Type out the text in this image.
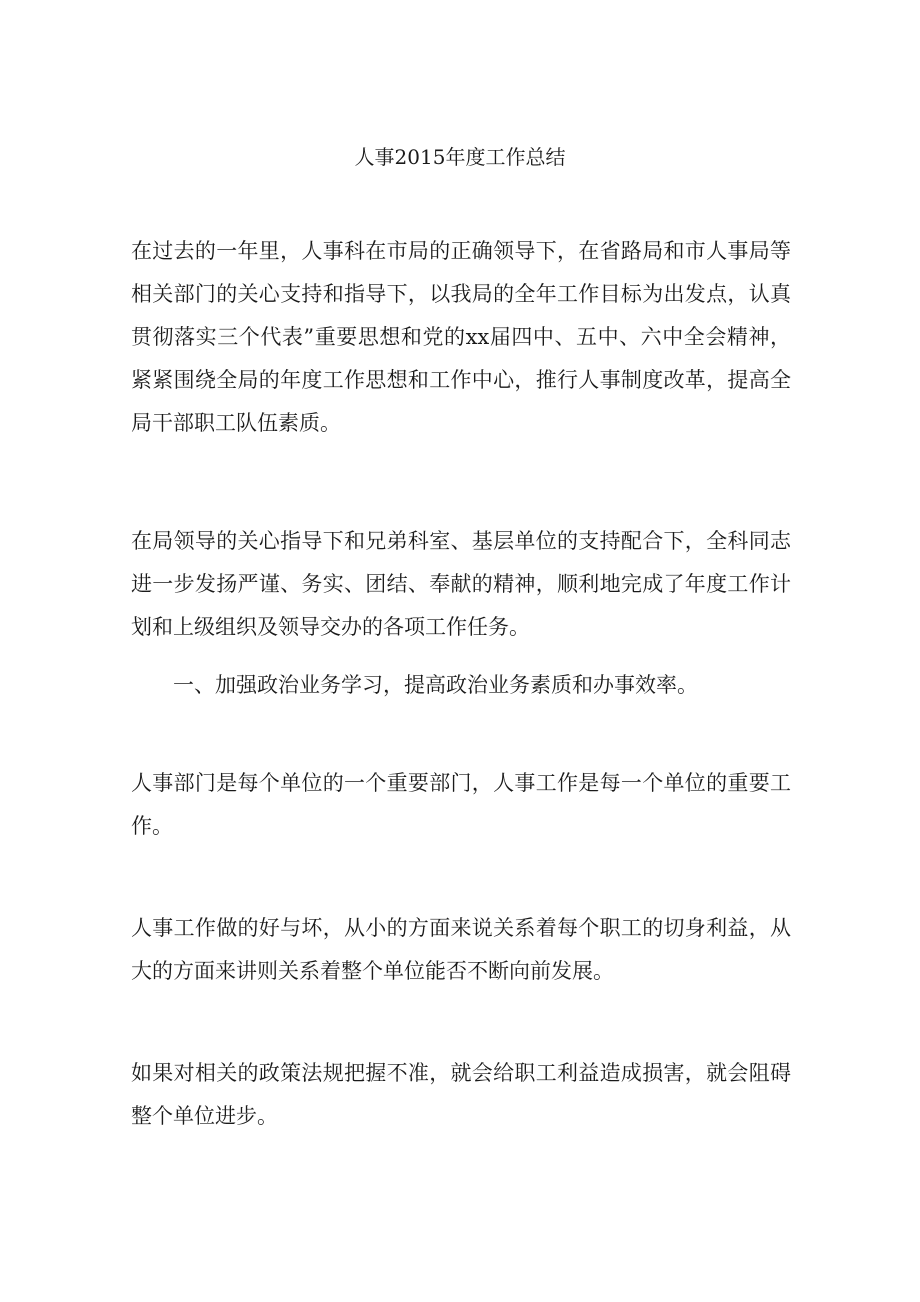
人事2015年度工作总结

在过去的一年里，人事科在市局的正确领导下，在省路局和市人事局等相关部门的关心支持和指导下，以我局的全年工作目标为出发点，认真贯彻落实三个代表”重要思想和党的xx届四中、五中、六中全会精神，紧紧围绕全局的年度工作思想和工作中心，推行人事制度改革，提高全局干部职工队伍素质。

在局领导的关心指导下和兄弟科室、基层单位的支持配合下，全科同志进一步发扬严谨、务实、团结、奉献的精神，顺利地完成了年度工作计划和上级组织及领导交办的各项工作任务。

一、加强政治业务学习，提高政治业务素质和办事效率。

人事部门是每个单位的一个重要部门，人事工作是每一个单位的重要工作。

人事工作做的好与坏，从小的方面来说关系着每个职工的切身利益，从大的方面来讲则关系着整个单位能否不断向前发展。

如果对相关的政策法规把握不准，就会给职工利益造成损害，就会阻碍整个单位进步。
